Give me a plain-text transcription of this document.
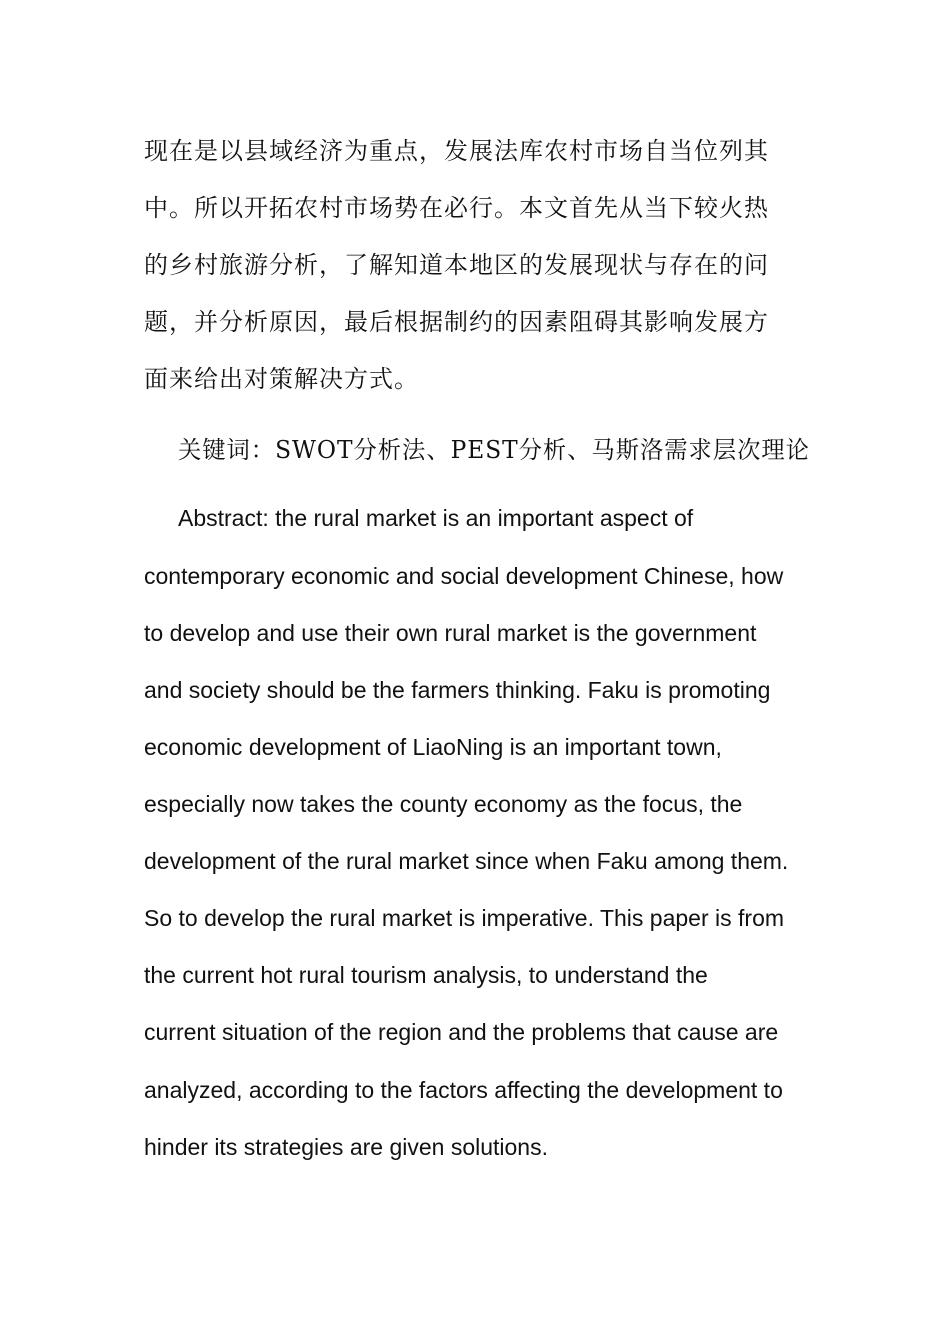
现在是以县域经济为重点，发展法库农村市场自当位列其
中。所以开拓农村市场势在必行。本文首先从当下较火热
的乡村旅游分析，了解知道本地区的发展现状与存在的问
题，并分析原因，最后根据制约的因素阻碍其影响发展方
面来给出对策解决方式。
关键词：SWOT分析法、PEST分析、马斯洛需求层次理论
Abstract: the rural market is an important aspect of
contemporary economic and social development Chinese, how
to develop and use their own rural market is the government
and society should be the farmers thinking. Faku is promoting
economic development of LiaoNing is an important town,
especially now takes the county economy as the focus, the
development of the rural market since when Faku among them.
So to develop the rural market is imperative. This paper is from
the current hot rural tourism analysis, to understand the
current situation of the region and the problems that cause are
analyzed, according to the factors affecting the development to
hinder its strategies are given solutions.
